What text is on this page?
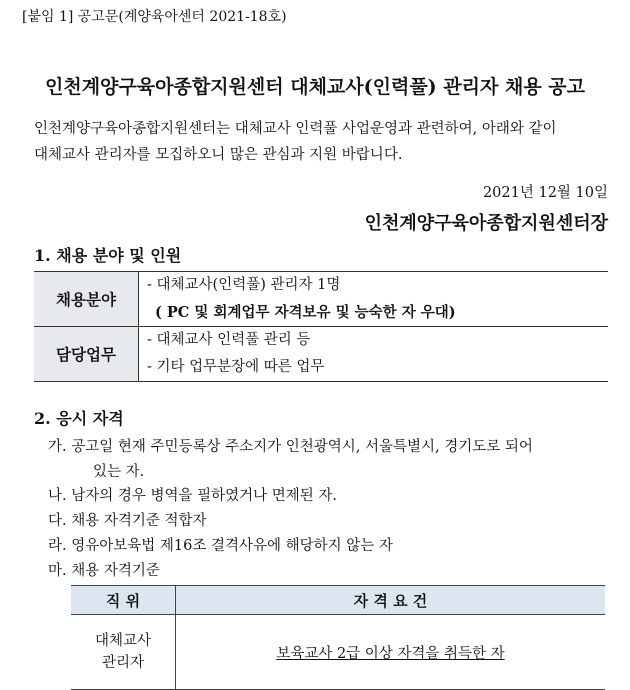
[붙임 1] 공고문(계양육아센터 2021-18호)
인천계양구육아종합지원센터 대체교사(인력풀) 관리자 채용 공고
인천계양구육아종합지원센터는 대체교사 인력풀 사업운영과 관련하여, 아래와 같이
대체교사 관리자를 모집하오니 많은 관심과 지원 바랍니다.
2021년 12월 10일
인천계양구육아종합지원센터장
1. 채용 분야 및 인원
채용분야	- 대체교사(인력풀) 관리자 1명
( PC 및 회계업무 자격보유 및 능숙한 자 우대)

담당업무	- 대체교사 인력풀 관리 등
- 기타 업무분장에 따른 업무
2. 응시 자격
가. 공고일 현재 주민등록상 주소지가 인천광역시, 서울특별시, 경기도로 되어
있는 자.
나. 남자의 경우 병역을 필하였거나 면제된 자.
다. 채용 자격기준 적합자
라. 영유아보육법 제16조 결격사유에 해당하지 않는 자
마. 채용 자격기준
직 위	자 격 요 건

대체교사
관리자	보육교사 2급 이상 자격을 취득한 자
